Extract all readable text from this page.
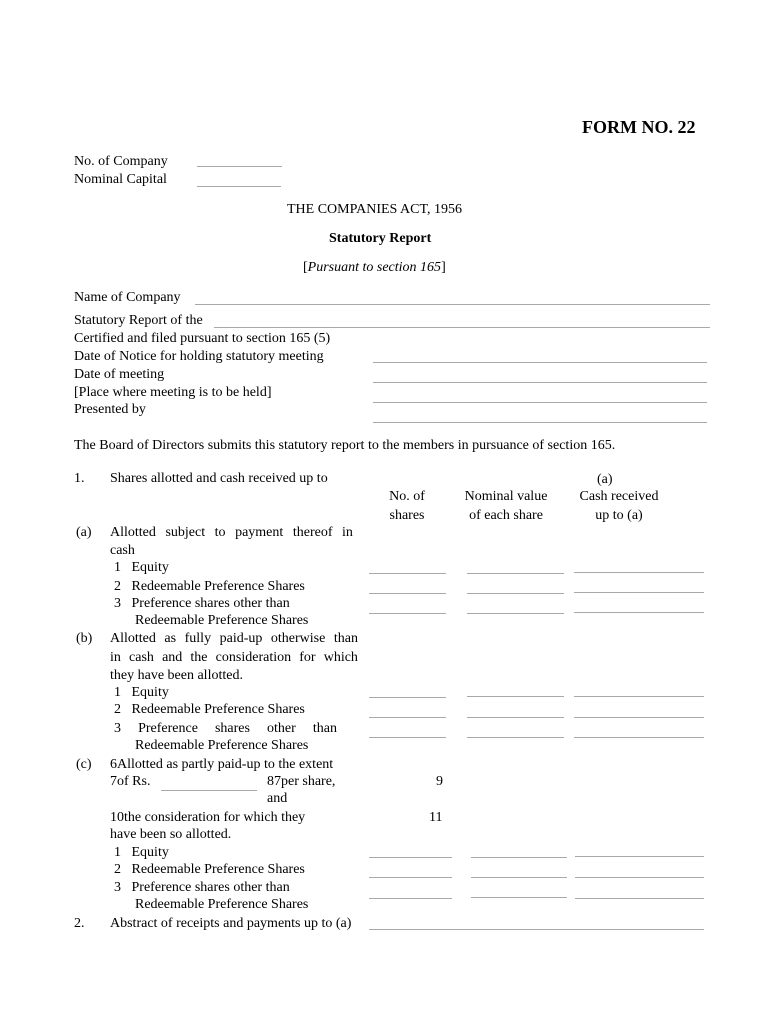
FORM NO. 22
No. of Company
Nominal Capital
THE COMPANIES ACT, 1956
Statutory Report
[Pursuant to section 165]
Name of Company
Statutory Report of the
Certified and filed pursuant to section 165 (5)
Date of Notice for holding statutory meeting
Date of meeting
[Place where meeting is to be held]
Presented by
The Board of Directors submits this statutory report to the members in pursuance of section 165.
1. Shares allotted and cash received up to	(a)
No. of
shares
Nominal value
of each share
Cash received
up to (a)
(a) Allotted subject to payment thereof in
cash
1   Equity
2   Redeemable Preference Shares
3   Preference shares other than
Redeemable Preference Shares
(b) Allotted as fully paid-up otherwise than
in cash and the consideration for which
they have been allotted.
1   Equity
2   Redeemable Preference Shares
3 Preference shares other than
Redeemable Preference Shares
(c) 6Allotted as partly paid-up to the extent
7of Rs.	87per share,	9
and
10the consideration for which they	11
have been so allotted.
1   Equity
2   Redeemable Preference Shares
3   Preference shares other than
Redeemable Preference Shares
2. Abstract of receipts and payments up to (a)
